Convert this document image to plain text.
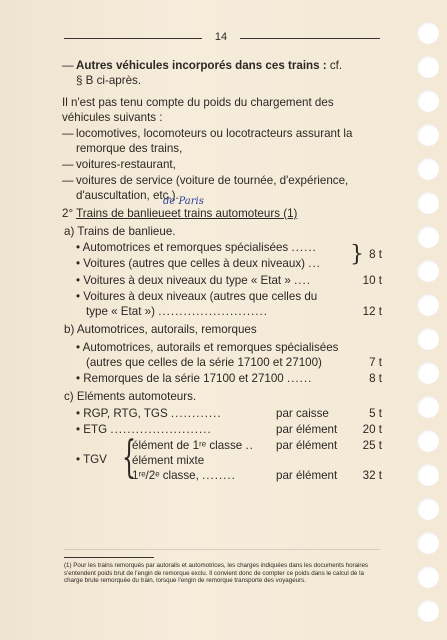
14
— Autres véhicules incorporés dans ces trains : cf.
§ B ci-après.
Il n'est pas tenu compte du poids du chargement des
véhicules suivants :
— locomotives, locomoteurs ou locotracteurs assurant la
remorque des trains,
— voitures-restaurant,
— voitures de service (voiture de tournée, d'expérience,
d'auscultation, etc.).
de Paris
2° Trains de banlieueet trains automoteurs (1)
a) Trains de banlieue.
• Automotrices et remorques spécialisées ...... } 8 t
• Voitures (autres que celles à deux niveaux) ...
• Voitures à deux niveaux du type « Etat » ....	10 t
• Voitures à deux niveaux (autres que celles du
type « Etat ») ..........................	12 t
b) Automotrices, autorails, remorques
• Automotrices, autorails et remorques spécialisées
(autres que celles de la série 17100 et 27100)	7 t
• Remorques de la série 17100 et 27100 ......	8 t
c) Eléments automoteurs.
• RGP, RTG, TGS ............	par caisse	5 t
• ETG ........................	par élément 20 t
• TGV {
élément de 1ʳᵉ classe .. par élément 25 t
élément mixte
1ʳᵉ/2ᵉ classe, ........	par élément 32 t
(1) Pour les trains remorqués par autorails et automotrices, les charges indiquées dans les documents horaires s'entendent poids brut de l'engin de remorque exclu. Il convient donc de compter ce poids dans le calcul de la charge brute remorquée du train, lorsque l'engin de remorque transporte des voyageurs.
